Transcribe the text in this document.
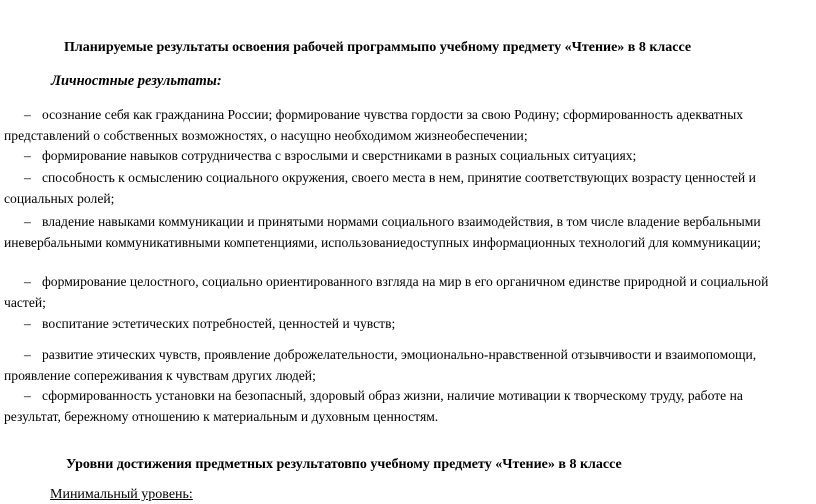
Планируемые результаты освоения рабочей программыпо учебному предмету «Чтение» в 8 классе
Личностные результаты:
– осознание себя как гражданина России; формирование чувства гордости за свою Родину; сформированность адекватных представлений о собственных возможностях, о насущно необходимом жизнеобеспечении;
– формирование навыков сотрудничества с взрослыми и сверстниками в разных социальных ситуациях;
– способность к осмыслению социального окружения, своего места в нем, принятие соответствующих возрасту ценностей и социальных ролей;
– владение навыками коммуникации и принятыми нормами социального взаимодействия, в том числе владение вербальными иневербальными коммуникативными компетенциями, использованиедоступных информационных технологий для коммуникации;
– формирование целостного, социально ориентированного взгляда на мир в его органичном единстве природной и социальной частей;
– воспитание эстетических потребностей, ценностей и чувств;
– развитие этических чувств, проявление доброжелательности, эмоционально-нравственной отзывчивости и взаимопомощи, проявление сопереживания к чувствам других людей;
– сформированность установки на безопасный, здоровый образ жизни, наличие мотивации к творческому труду, работе на результат, бережному отношению к материальным и духовным ценностям.
Уровни достижения предметных результатовпо учебному предмету «Чтение» в 8 классе
Минимальный уровень:
